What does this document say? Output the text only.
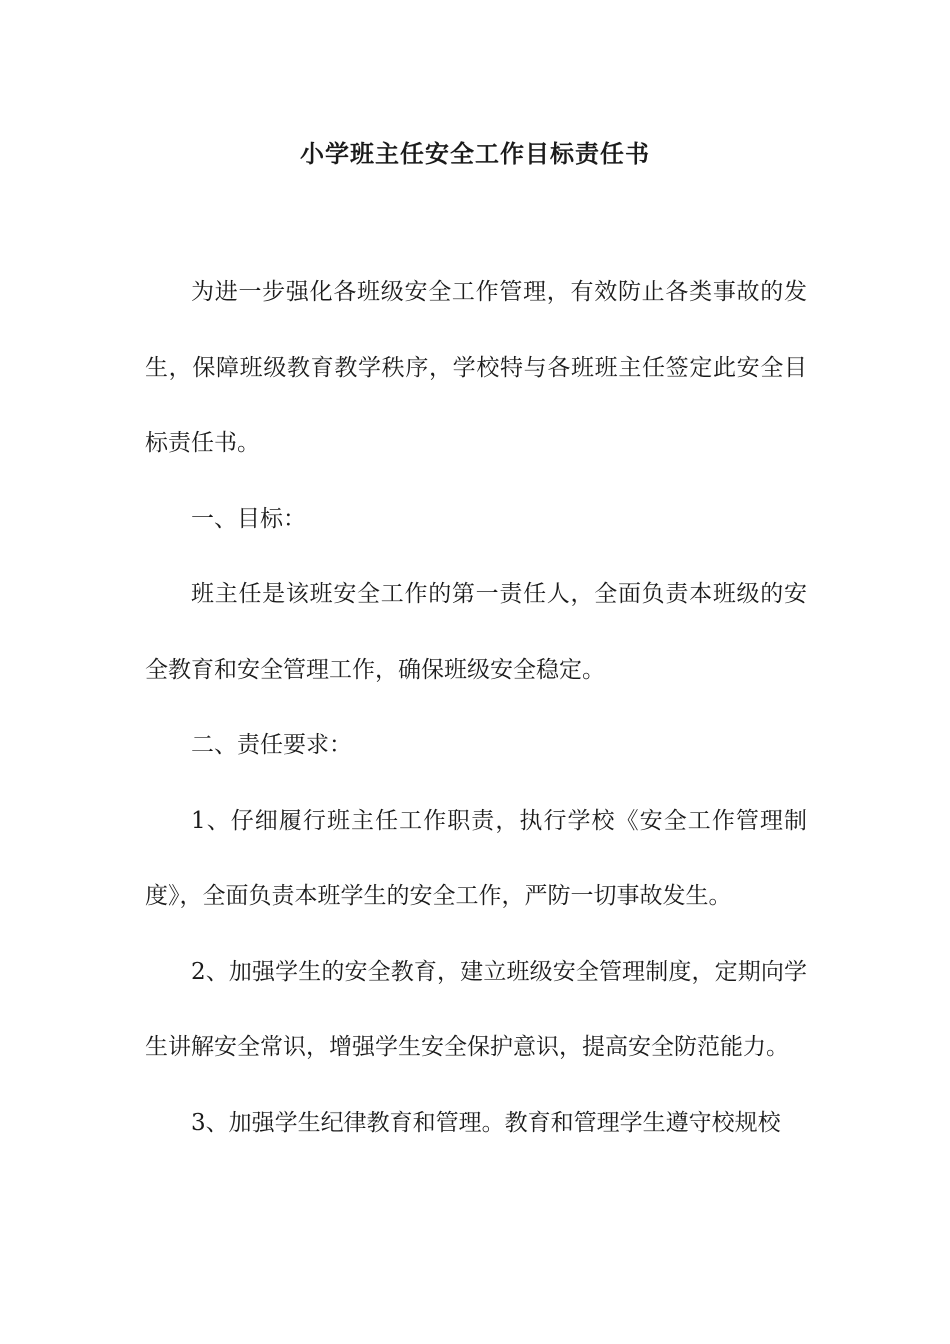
小学班主任安全工作目标责任书

为进一步强化各班级安全工作管理，有效防止各类事故的发生，保障班级教育教学秩序，学校特与各班班主任签定此安全目标责任书。

一、目标：

班主任是该班安全工作的第一责任人，全面负责本班级的安全教育和安全管理工作，确保班级安全稳定。

二、责任要求：

1、仔细履行班主任工作职责，执行学校《安全工作管理制度》，全面负责本班学生的安全工作，严防一切事故发生。

2、加强学生的安全教育，建立班级安全管理制度，定期向学生讲解安全常识，增强学生安全保护意识，提高安全防范能力。

3、加强学生纪律教育和管理。教育和管理学生遵守校规校
